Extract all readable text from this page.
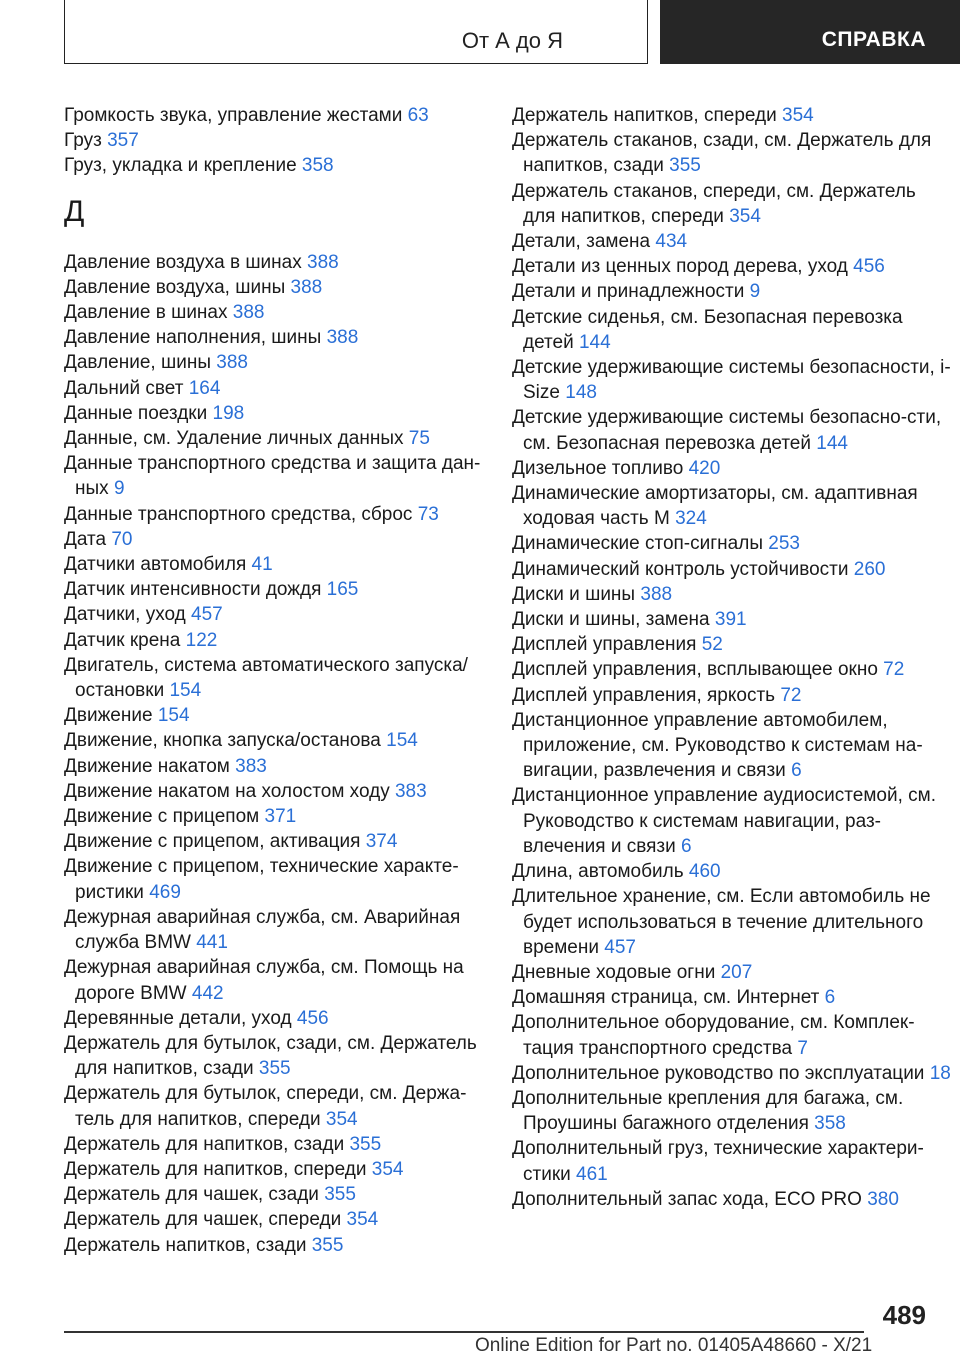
От А до Я	СПРАВКА
Громкость звука, управление жестами 63
Груз 357
Груз, укладка и крепление 358
Д
Давление воздуха в шинах 388
Давление воздуха, шины 388
Давление в шинах 388
Давление наполнения, шины 388
Давление, шины 388
Дальний свет 164
Данные поездки 198
Данные, см. Удаление личных данных 75
Данные транспортного средства и защита дан-ных 9
Данные транспортного средства, сброс 73
Дата 70
Датчики автомобиля 41
Датчик интенсивности дождя 165
Датчики, уход 457
Датчик крена 122
Двигатель, система автоматического запуска/ остановки 154
Движение 154
Движение, кнопка запуска/останова 154
Движение накатом 383
Движение накатом на холостом ходу 383
Движение с прицепом 371
Движение с прицепом, активация 374
Движение с прицепом, технические характе-ристики 469
Дежурная аварийная служба, см. Аварийная служба BMW 441
Дежурная аварийная служба, см. Помощь на дороге BMW 442
Деревянные детали, уход 456
Держатель для бутылок, сзади, см. Держатель для напитков, сзади 355
Держатель для бутылок, спереди, см. Держа-тель для напитков, спереди 354
Держатель для напитков, сзади 355
Держатель для напитков, спереди 354
Держатель для чашек, сзади 355
Держатель для чашек, спереди 354
Держатель напитков, сзади 355
Держатель напитков, спереди 354
Держатель стаканов, сзади, см. Держатель для напитков, сзади 355
Держатель стаканов, спереди, см. Держатель для напитков, спереди 354
Детали, замена 434
Детали из ценных пород дерева, уход 456
Детали и принадлежности 9
Детские сиденья, см. Безопасная перевозка детей 144
Детские удерживающие системы безопасности, i-Size 148
Детские удерживающие системы безопасно-сти, см. Безопасная перевозка детей 144
Дизельное топливо 420
Динамические амортизаторы, см. адаптивная ходовая часть M 324
Динамические стоп-сигналы 253
Динамический контроль устойчивости 260
Диски и шины 388
Диски и шины, замена 391
Дисплей управления 52
Дисплей управления, всплывающее окно 72
Дисплей управления, яркость 72
Дистанционное управление автомобилем, приложение, см. Руководство к системам на-вигации, развлечения и связи 6
Дистанционное управление аудиосистемой, см. Руководство к системам навигации, раз-влечения и связи 6
Длина, автомобиль 460
Длительное хранение, см. Если автомобиль не будет использоваться в течение длительного времени 457
Дневные ходовые огни 207
Домашняя страница, см. Интернет 6
Дополнительное оборудование, см. Комплек-тация транспортного средства 7
Дополнительное руководство по эксплуатации 18
Дополнительные крепления для багажа, см. Проушины багажного отделения 358
Дополнительный груз, технические характери-стики 461
Дополнительный запас хода, ECO PRO 380
489
Online Edition for Part no. 01405A48660 - X/21
